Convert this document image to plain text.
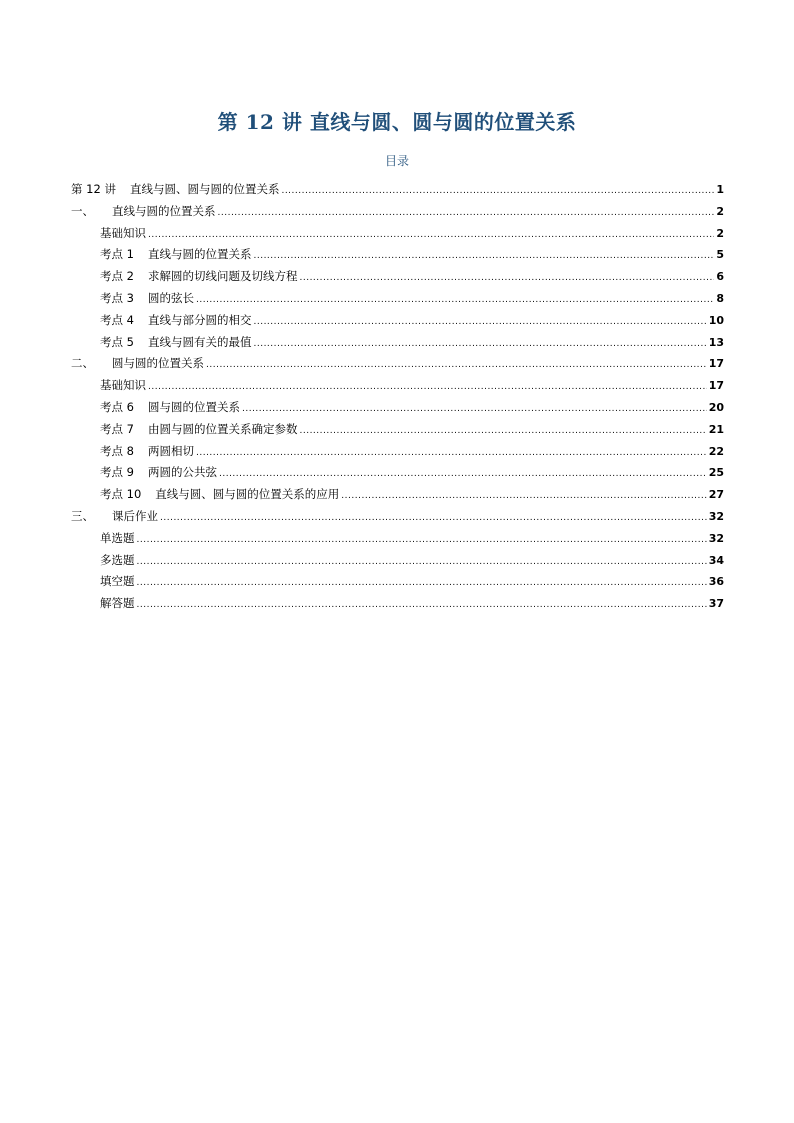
第 12 讲 直线与圆、圆与圆的位置关系
目录
第 12 讲 直线与圆、圆与圆的位置关系 .....	1
一、 直线与圆的位置关系 .....	2
基础知识 .....	2
考点 1 直线与圆的位置关系 .....	5
考点 2 求解圆的切线问题及切线方程 .....	6
考点 3 圆的弦长 .....	8
考点 4 直线与部分圆的相交 .....	10
考点 5 直线与圆有关的最值 .....	13
二、 圆与圆的位置关系 .....	17
基础知识 .....	17
考点 6 圆与圆的位置关系 .....	20
考点 7 由圆与圆的位置关系确定参数 .....	21
考点 8 两圆相切 .....	22
考点 9 两圆的公共弦 .....	25
考点 10 直线与圆、圆与圆的位置关系的应用 .....	27
三、 课后作业 .....	32
单选题 .....	32
多选题 .....	34
填空题 .....	36
解答题 .....	37
